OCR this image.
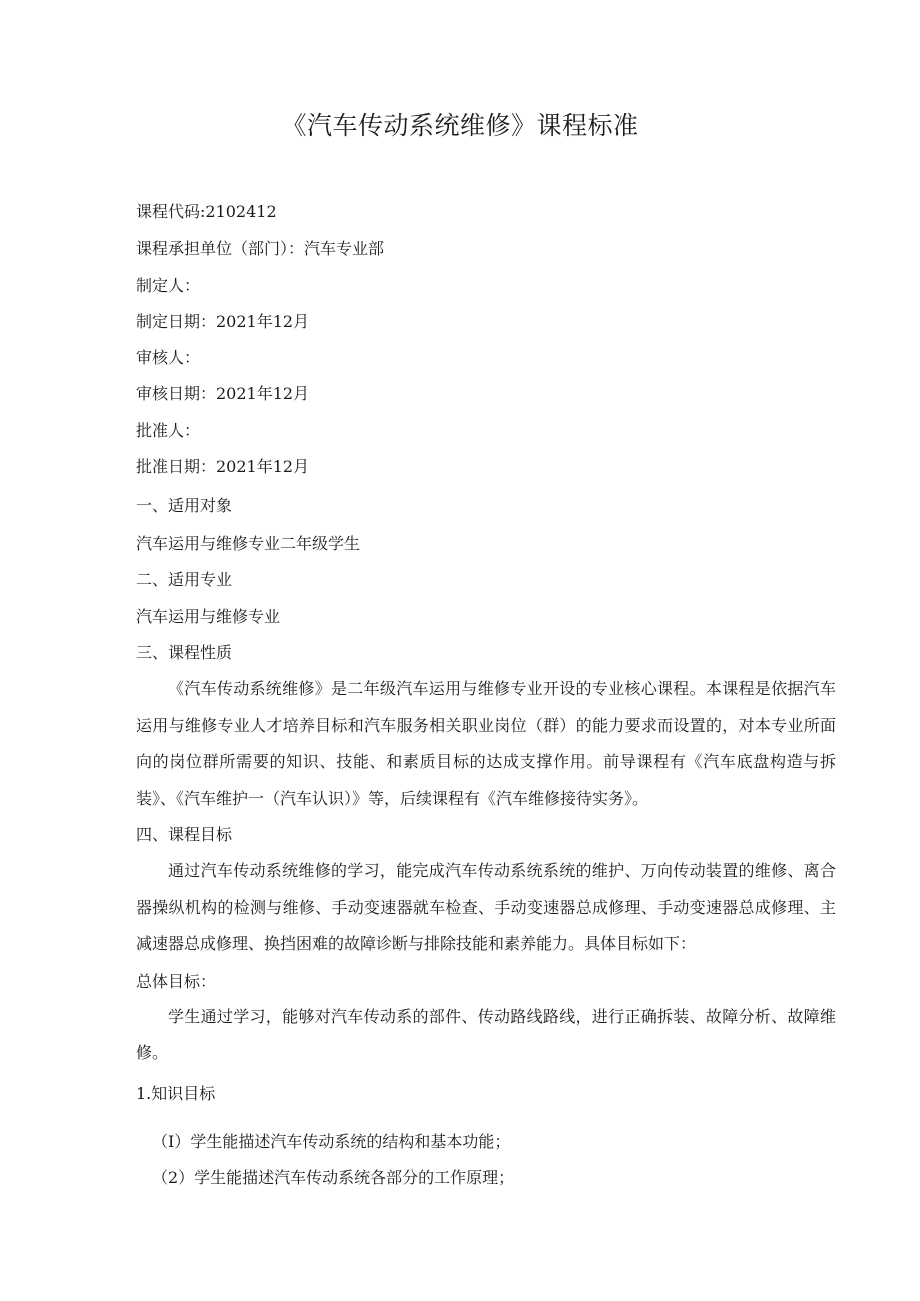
《汽车传动系统维修》课程标准
课程代码:2102412
课程承担单位（部门）：汽车专业部
制定人：
制定日期：2021年12月
审核人：
审核日期：2021年12月
批准人：
批准日期：2021年12月
一、适用对象
汽车运用与维修专业二年级学生
二、适用专业
汽车运用与维修专业
三、课程性质
《汽车传动系统维修》是二年级汽车运用与维修专业开设的专业核心课程。本课程是依据汽车运用与维修专业人才培养目标和汽车服务相关职业岗位（群）的能力要求而设置的，对本专业所面向的岗位群所需要的知识、技能、和素质目标的达成支撑作用。前导课程有《汽车底盘构造与拆装》、《汽车维护一（汽车认识）》等，后续课程有《汽车维修接待实务》。
四、课程目标
通过汽车传动系统维修的学习，能完成汽车传动系统系统的维护、万向传动装置的维修、离合器操纵机构的检测与维修、手动变速器就车检查、手动变速器总成修理、手动变速器总成修理、主减速器总成修理、换挡困难的故障诊断与排除技能和素养能力。具体目标如下：
总体目标：
学生通过学习，能够对汽车传动系的部件、传动路线路线，进行正确拆装、故障分析、故障维修。
1.知识目标
（I）学生能描述汽车传动系统的结构和基本功能；
（2）学生能描述汽车传动系统各部分的工作原理；
